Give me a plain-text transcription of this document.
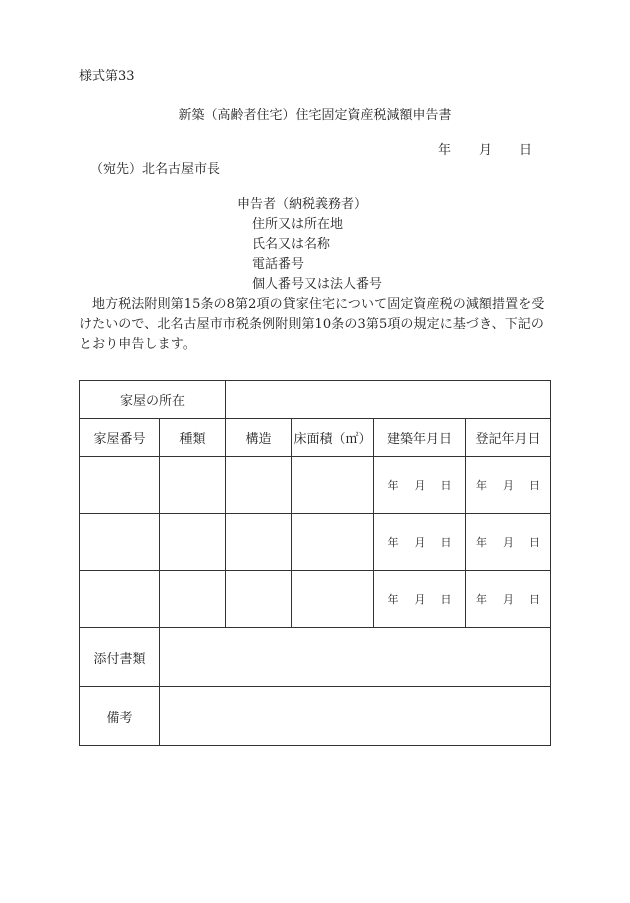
様式第33
新築（高齢者住宅）住宅固定資産税減額申告書
年 月 日
（宛先）北名古屋市長
申告者（納税義務者）
住所又は所在地
氏名又は名称
電話番号
個人番号又は法人番号
地方税法附則第15条の8第2項の貸家住宅について固定資産税の減額措置を受けたいので、北名古屋市市税条例附則第10条の3第5項の規定に基づき、下記のとおり申告します。
家屋の所在					
家屋番号	種類	構造	床面積（㎡）	建築年月日	登記年月日
				年 月 日	年 月 日
				年 月 日	年 月 日
				年 月 日	年 月 日
添付書類					
備考					
